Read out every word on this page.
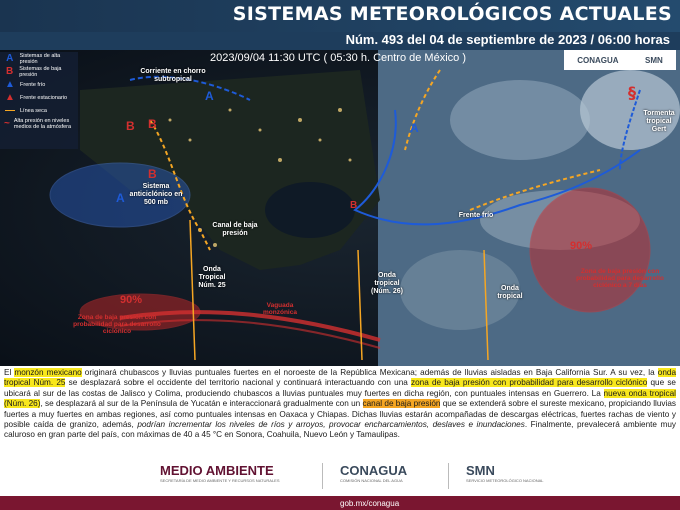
SISTEMAS METEOROLÓGICOS ACTUALES
Núm. 493 del 04 de septiembre de 2023 / 06:00 horas
B B
B
A
A
A
B
§
2023/09/04 11:30 UTC ( 05:30 h. Centro de México )	CONAGUA	SMN
A	Sistemas de alta presión
B	Sistemas de baja presión
▲ Frente frío
▲ Frente estacionario
— Línea seca
~ Alta presión en niveles medios de la atmósfera
Corriente en chorro subtropical
Sistema anticiclónico en 500 mb
Canal de baja presión
Onda Tropical Núm. 25
Onda tropical (Núm. 26)	Onda tropical
Frente frío
Tormenta tropical Gert
90%
90%
Zona de baja presión con probabilidad para desarrollo ciclónico
Zona de baja presión con probabilidad para desarrollo ciclónico a 7 días
Vaguada monzónica
El monzón mexicano originará chubascos y lluvias puntuales fuertes en el noroeste de la República Mexicana; además de lluvias aisladas en Baja California Sur. A su vez, la onda tropical Núm. 25 se desplazará sobre el occidente del territorio nacional y continuará interactuando con una zona de baja presión con probabilidad para desarrollo ciclónico que se ubicará al sur de las costas de Jalisco y Colima, produciendo chubascos a lluvias puntuales muy fuertes en dicha región, con puntuales intensas en Guerrero. La nueva onda tropical (Núm. 26), se desplazará al sur de la Península de Yucatán e interaccionará gradualmente con un canal de baja presión que se extenderá sobre el sureste mexicano, propiciando lluvias fuertes a muy fuertes en ambas regiones, así como puntuales intensas en Oaxaca y Chiapas. Dichas lluvias estarán acompañadas de descargas eléctricas, fuertes rachas de viento y posible caída de granizo, además, podrían incrementar los niveles de ríos y arroyos, provocar encharcamientos, deslaves e inundaciones. Finalmente, prevalecerá ambiente muy caluroso en gran parte del país, con máximas de 40 a 45 °C en Sonora, Coahuila, Nuevo León y Tamaulipas.
MEDIO AMBIENTE
SECRETARÍA DE MEDIO AMBIENTE Y RECURSOS NATURALES
CONAGUA
COMISIÓN NACIONAL DEL AGUA
SMN
SERVICIO METEOROLÓGICO NACIONAL
gob.mx/conagua
